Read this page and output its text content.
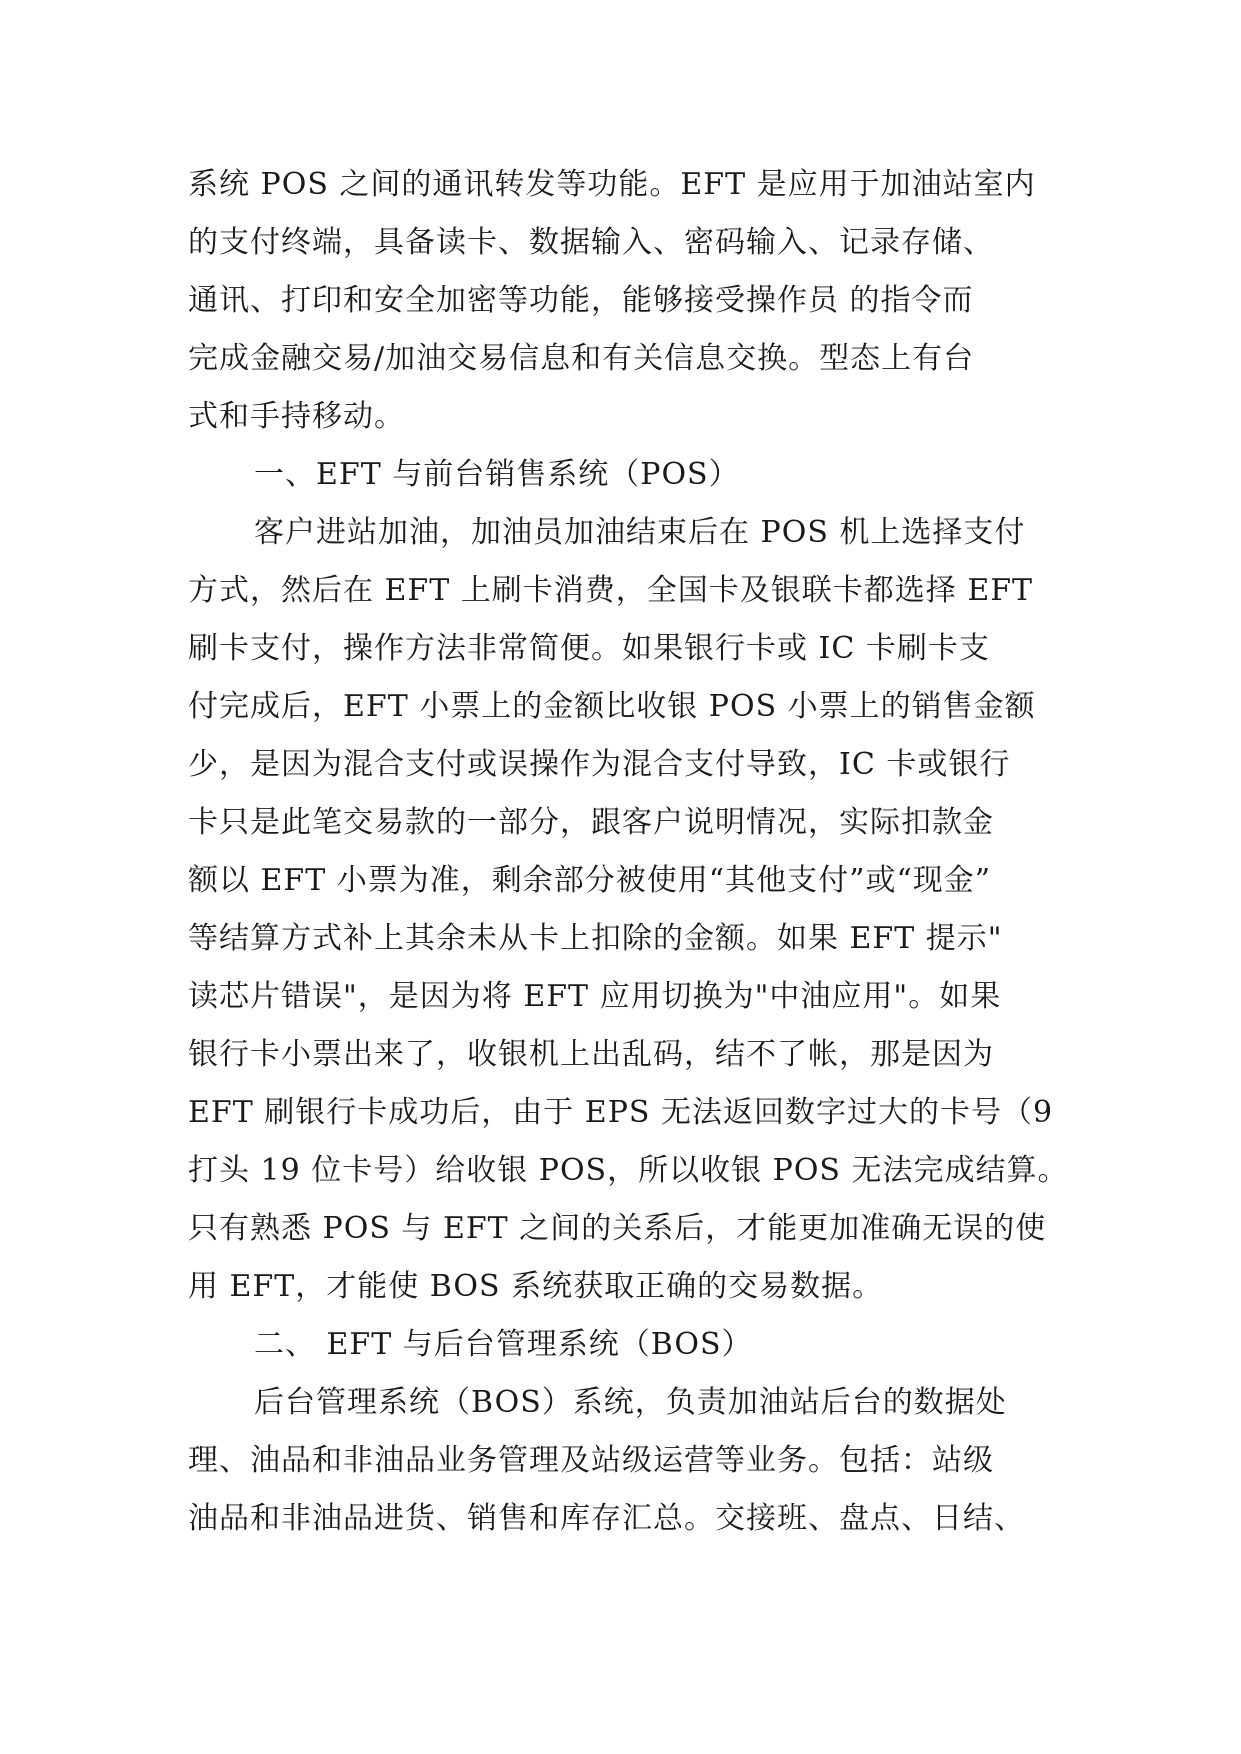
系统 POS 之间的通讯转发等功能。EFT 是应用于加油站室内
的支付终端，具备读卡、数据输入、密码输入、记录存储、
通讯、打印和安全加密等功能，能够接受操作员 的指令而
完成金融交易/加油交易信息和有关信息交换。型态上有台
式和手持移动。
一、EFT 与前台销售系统（POS）
客户进站加油，加油员加油结束后在 POS 机上选择支付
方式，然后在 EFT 上刷卡消费，全国卡及银联卡都选择 EFT
刷卡支付，操作方法非常简便。如果银行卡或 IC 卡刷卡支
付完成后，EFT 小票上的金额比收银 POS 小票上的销售金额
少，是因为混合支付或误操作为混合支付导致，IC 卡或银行
卡只是此笔交易款的一部分，跟客户说明情况，实际扣款金
额以 EFT 小票为准，剩余部分被使用“其他支付”或“现金”
等结算方式补上其余未从卡上扣除的金额。如果 EFT 提示"
读芯片错误"，是因为将 EFT 应用切换为"中油应用"。如果
银行卡小票出来了，收银机上出乱码，结不了帐，那是因为
EFT 刷银行卡成功后，由于 EPS 无法返回数字过大的卡号（9
打头 19 位卡号）给收银 POS，所以收银 POS 无法完成结算。
只有熟悉 POS 与 EFT 之间的关系后，才能更加准确无误的使
用 EFT，才能使 BOS 系统获取正确的交易数据。
二、 EFT 与后台管理系统（BOS）
后台管理系统（BOS）系统，负责加油站后台的数据处
理、油品和非油品业务管理及站级运营等业务。包括：站级
油品和非油品进货、销售和库存汇总。交接班、盘点、日结、
